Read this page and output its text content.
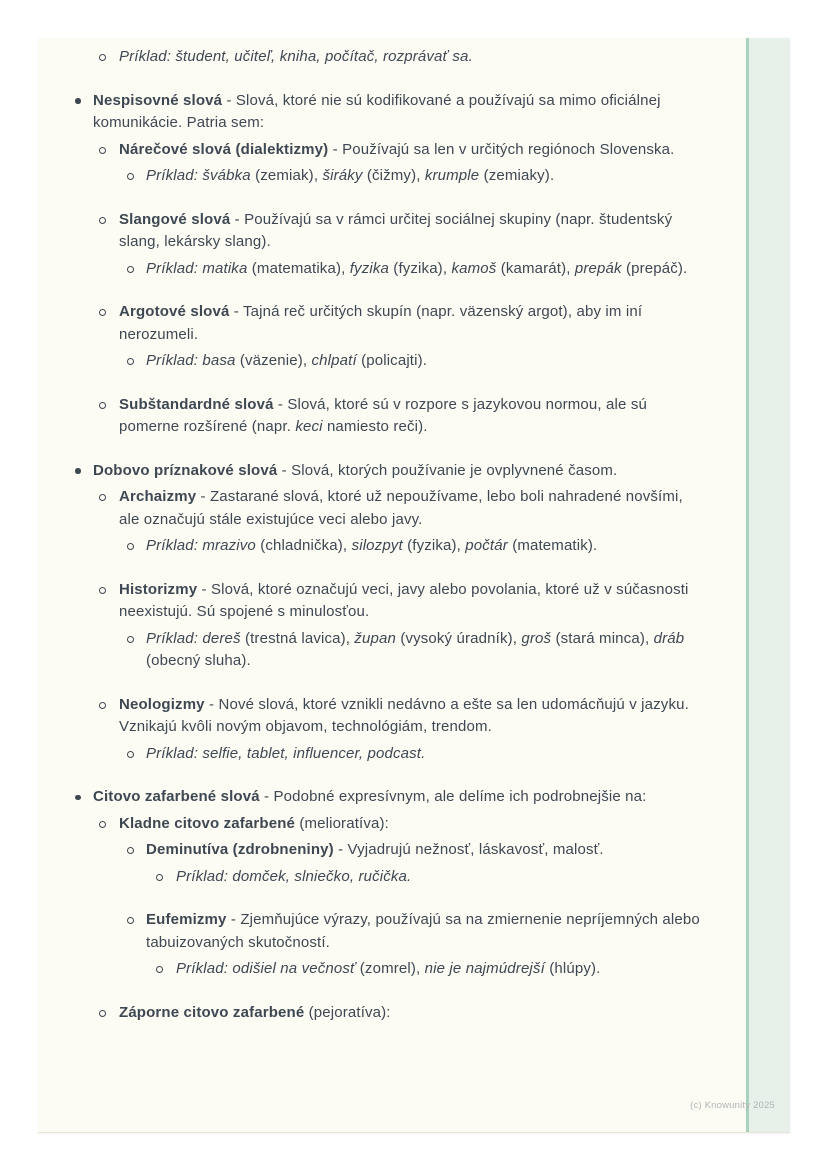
Príklad: študent, učiteľ, kniha, počítač, rozprávať sa.
Nespisovné slová - Slová, ktoré nie sú kodifikované a používajú sa mimo oficiálnej komunikácie. Patria sem:
Nárečové slová (dialektizmy) - Používajú sa len v určitých regiónoch Slovenska.
Príklad: švábka (zemiak), širáky (čižmy), krumple (zemiaky).
Slangové slová - Používajú sa v rámci určitej sociálnej skupiny (napr. študentský slang, lekársky slang).
Príklad: matika (matematika), fyzika (fyzika), kamoš (kamarát), prepák (prepáč).
Argotové slová - Tajná reč určitých skupín (napr. väzenský argot), aby im iní nerozumeli.
Príklad: basa (väzenie), chlpatí (policajti).
Subštandardné slová - Slová, ktoré sú v rozpore s jazykovou normou, ale sú pomerne rozšírené (napr. keci namiesto reči).
Dobovo príznakové slová - Slová, ktorých používanie je ovplyvnené časom.
Archaizmy - Zastarané slová, ktoré už nepoužívame, lebo boli nahradené novšími, ale označujú stále existujúce veci alebo javy.
Príklad: mrazivo (chladnička), silozpyt (fyzika), počtár (matematik).
Historizmy - Slová, ktoré označujú veci, javy alebo povolania, ktoré už v súčasnosti neexistujú. Sú spojené s minulosťou.
Príklad: dereš (trestná lavica), župan (vysoký úradník), groš (stará minca), dráb (obecný sluha).
Neologizmy - Nové slová, ktoré vznikli nedávno a ešte sa len udomácňujú v jazyku. Vznikajú kvôli novým objavom, technológiám, trendom.
Príklad: selfie, tablet, influencer, podcast.
Citovo zafarbené slová - Podobné expresívnym, ale delíme ich podrobnejšie na:
Kladne citovo zafarbené (melioratíva):
Deminutíva (zdrobneniny) - Vyjadrujú nežnosť, láskavosť, malosť.
Príklad: domček, slniečko, ručička.
Eufemizmy - Zjemňujúce výrazy, používajú sa na zmiernenie nepríjemných alebo tabuizovaných skutočností.
Príklad: odišiel na večnosť (zomrel), nie je najmúdrejší (hlúpy).
Záporne citovo zafarbené (pejoratíva):
(c) Knowunity 2025
